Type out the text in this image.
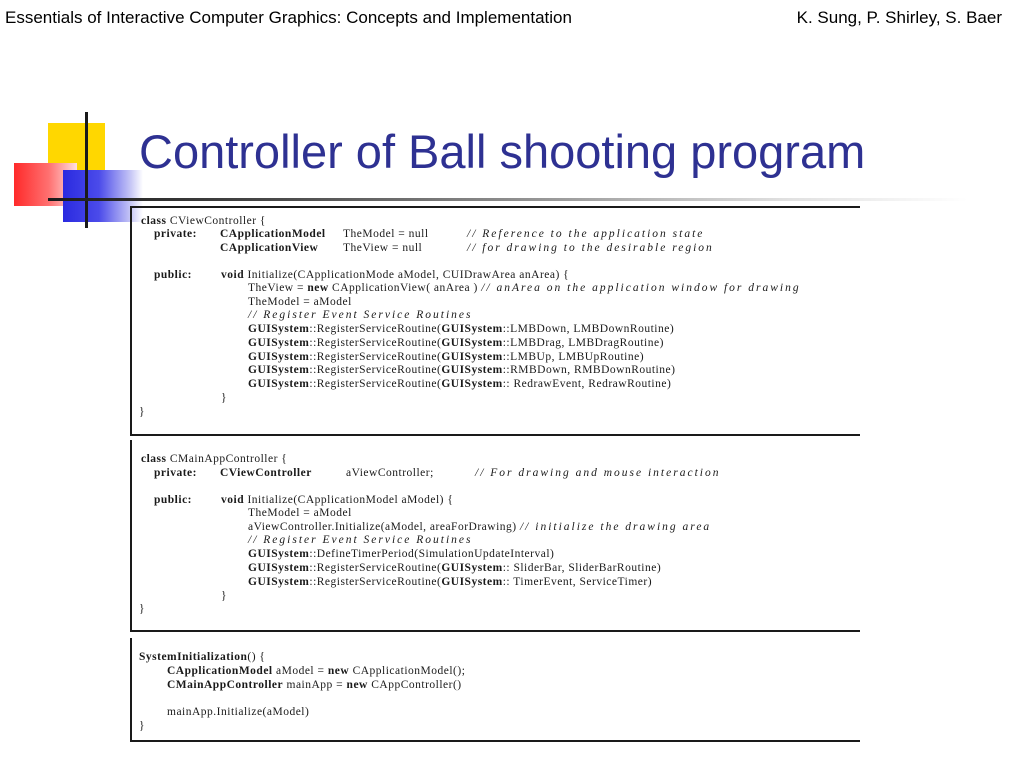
Essentials of Interactive Computer Graphics: Concepts and Implementation	K. Sung, P. Shirley, S. Baer
Controller of Ball shooting program
class CViewController {
private: CApplicationModel TheModel = null	// Reference to the application state
CApplicationView TheView = null	// for drawing to the desirable region
public:	void Initialize(CApplicationMode aModel, CUIDrawArea anArea) {
TheView = new CApplicationView( anArea ) // anArea on the application window for drawing
TheModel = aModel
// Register Event Service Routines
GUISystem::RegisterServiceRoutine(GUISystem::LMBDown, LMBDownRoutine)
GUISystem::RegisterServiceRoutine(GUISystem::LMBDrag, LMBDragRoutine)
GUISystem::RegisterServiceRoutine(GUISystem::LMBUp, LMBUpRoutine)
GUISystem::RegisterServiceRoutine(GUISystem::RMBDown, RMBDownRoutine)
GUISystem::RegisterServiceRoutine(GUISystem:: RedrawEvent, RedrawRoutine)
}
}
class CMainAppController {
private: CViewController	aViewController;	// For drawing and mouse interaction
public:	void Initialize(CApplicationModel aModel) {
TheModel = aModel
aViewController.Initialize(aModel, areaForDrawing) // initialize the drawing area
// Register Event Service Routines
GUISystem::DefineTimerPeriod(SimulationUpdateInterval)
GUISystem::RegisterServiceRoutine(GUISystem:: SliderBar, SliderBarRoutine)
GUISystem::RegisterServiceRoutine(GUISystem:: TimerEvent, ServiceTimer)
}
}
SystemInitialization() {
CApplicationModel aModel = new CApplicationModel();
CMainAppController mainApp = new CAppController()
mainApp.Initialize(aModel)
}
